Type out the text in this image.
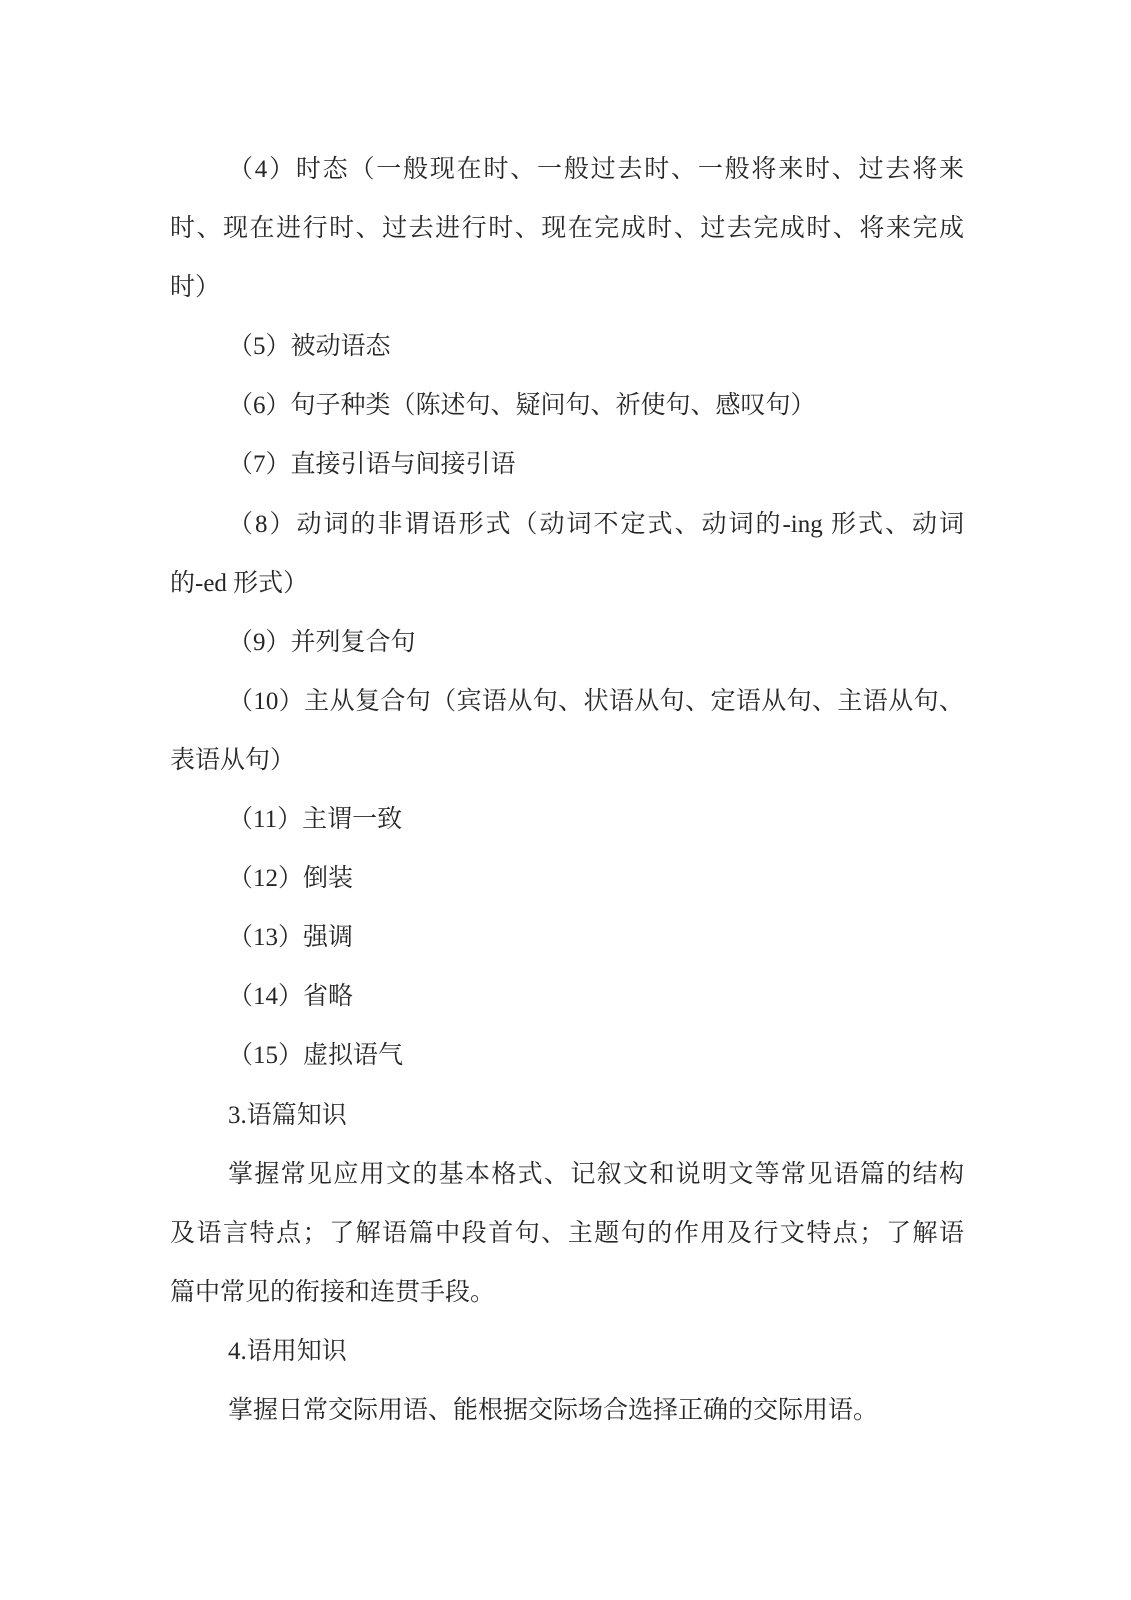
（4）时态（一般现在时、一般过去时、一般将来时、过去将来
时、现在进行时、过去进行时、现在完成时、过去完成时、将来完成
时）
（5）被动语态
（6）句子种类（陈述句、疑问句、祈使句、感叹句）
（7）直接引语与间接引语
（8）动词的非谓语形式（动词不定式、动词的-ing 形式、动词
的-ed 形式）
（9）并列复合句
（10）主从复合句（宾语从句、状语从句、定语从句、主语从句、
表语从句）
（11）主谓一致
（12）倒装
（13）强调
（14）省略
（15）虚拟语气
3.语篇知识
掌握常见应用文的基本格式、记叙文和说明文等常见语篇的结构
及语言特点；了解语篇中段首句、主题句的作用及行文特点；了解语
篇中常见的衔接和连贯手段。
4.语用知识
掌握日常交际用语、能根据交际场合选择正确的交际用语。
